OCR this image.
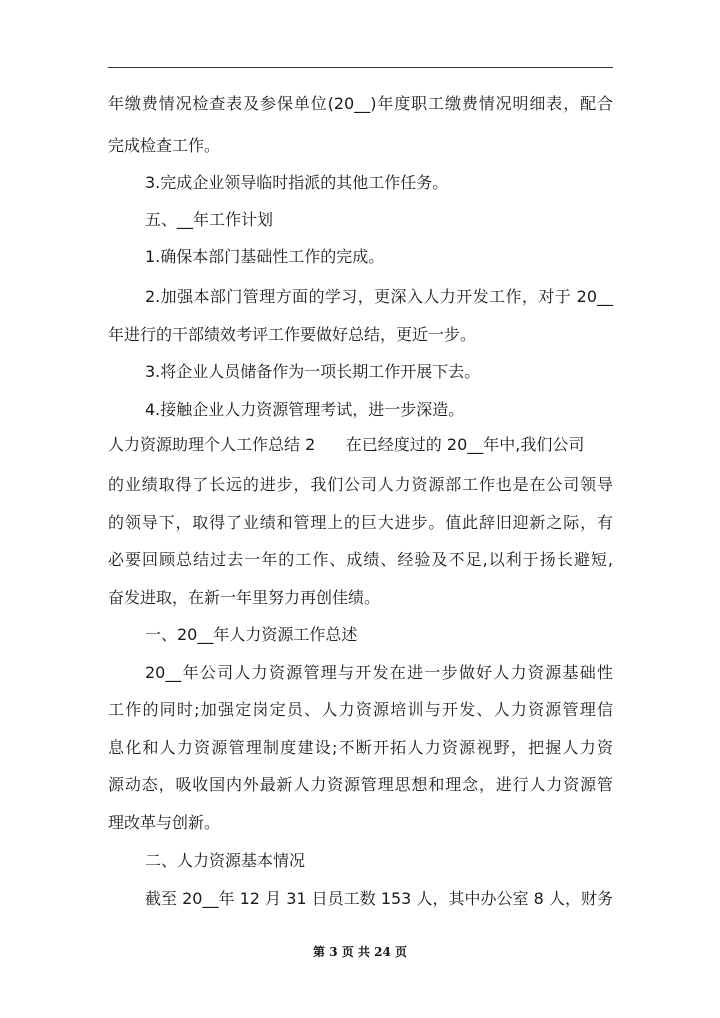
年缴费情况检查表及参保单位(20__)年度职工缴费情况明细表，配合
完成检查工作。
3.完成企业领导临时指派的其他工作任务。
五、__年工作计划
1.确保本部门基础性工作的完成。
2.加强本部门管理方面的学习，更深入人力开发工作，对于 20__
年进行的干部绩效考评工作要做好总结，更近一步。
3.将企业人员储备作为一项长期工作开展下去。
4.接触企业人力资源管理考试，进一步深造。
人力资源助理个人工作总结 2 在已经度过的 20__年中,我们公司
的业绩取得了长远的进步，我们公司人力资源部工作也是在公司领导
的领导下，取得了业绩和管理上的巨大进步。值此辞旧迎新之际，有
必要回顾总结过去一年的工作、成绩、经验及不足,以利于扬长避短,
奋发进取，在新一年里努力再创佳绩。
一、20__年人力资源工作总述
20__年公司人力资源管理与开发在进一步做好人力资源基础性
工作的同时;加强定岗定员、人力资源培训与开发、人力资源管理信
息化和人力资源管理制度建设;不断开拓人力资源视野，把握人力资
源动态，吸收国内外最新人力资源管理思想和理念，进行人力资源管
理改革与创新。
二、人力资源基本情况
截至 20__年 12 月 31 日员工数 153 人，其中办公室 8 人，财务
第 3 页 共 24 页
